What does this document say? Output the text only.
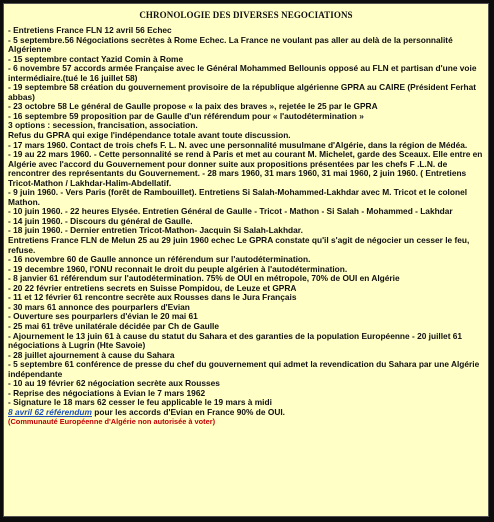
CHRONOLOGIE DES DIVERSES NEGOCIATIONS
- Entretiens France FLN 12 avril 56 Echec
- 5 septembre.56 Négociations secrètes à Rome Echec. La France ne voulant pas aller au delà de la personnalité Algérienne
- 15 septembre contact Yazid Comin à Rome
- 6 novembre 57 accords armée Française avec le Général Mohammed Bellounis opposé au FLN et partisan d'une voie intermédiaire.(tué le 16 juillet 58)
- 19 septembre 58 création du gouvernement provisoire de la république algérienne GPRA au CAIRE (Président Ferhat abbas)
- 23 octobre 58 Le général de Gaulle propose « la paix des braves », rejetée le 25 par le GPRA
- 16 septembre 59 proposition par de Gaulle d'un référendum pour « l'autodétermination »
3 options : secession, francisation, association.
Refus du GPRA qui exige l'indépendance totale avant toute discussion.
- 17 mars 1960. Contact de trois chefs F. L. N. avec une personnalité musulmane d'Algérie, dans la région de Médéa.
- 19 au 22 mars 1960. - Cette personnalité se rend à Paris et met au courant M. Michelet, garde des Sceaux. Elle entre en Algérie avec l'accord du Gouvernement pour donner suite aux propositions présentées par les chefs F .L.N. de rencontrer des représentants du Gouvernement. - 28 mars 1960, 31 mars 1960, 31 mai 1960, 2 juin 1960. ( Entretiens Tricot-Mathon / Lakhdar-Halim-Abdellatif.
- 9 juin 1960. - Vers Paris (forêt de Rambouillet). Entretiens Si Salah-Mohammed-Lakhdar avec M. Tricot et le colonel Mathon.
- 10 juin 1960. - 22 heures Elysée. Entretien Général de Gaulle - Tricot - Mathon - Si Salah - Mohammed - Lakhdar
- 14 juin 1960. - Discours du général de Gaulle.
- 18 juin 1960. - Dernier entretien Tricot-Mathon- Jacquin Si Salah-Lakhdar.
Entretiens France FLN de Melun 25 au 29 juin 1960 echec Le GPRA constate qu'il s'agit de négocier un cesser le feu, refuse.
- 16 novembre 60 de Gaulle annonce un référendum sur l'autodétermination.
- 19 decembre 1960, l'ONU reconnait le droit du peuple algérien à l'autodétermination.
- 8 janvier 61 référendum sur l'autodétermination. 75% de OUI en métropole, 70% de OUI en Algérie
- 20 22 février entretiens secrets en Suisse Pompidou, de Leuze et GPRA
- 11 et 12 février 61 rencontre secrète aux Rousses dans le Jura Français
- 30 mars 61 annonce des pourparlers d'Evian
- Ouverture ses pourparlers d'évian le 20 mai 61
- 25 mai 61 trêve unilatérale décidée par Ch de Gaulle
- Ajournement le 13 juin 61 à cause du statut du Sahara et des garanties de la population Européenne - 20 juillet 61 négociations à Lugrin (Hte Savoie)
- 28 juillet ajournement à cause du Sahara
- 5 septembre 61 conférence de presse du chef du gouvernement qui admet la revendication du Sahara par une Algérie indépendante
- 10 au 19 février 62 négociation secrète aux Rousses
- Reprise des négociations à Evian le 7 mars 1962
- Signature le 18 mars 62 cesser le feu applicable le 19 mars à midi
8 avril 62 référendum pour les accords d'Evian en France 90% de OUI.
(Communauté Européenne d'Algérie non autorisée à voter)
